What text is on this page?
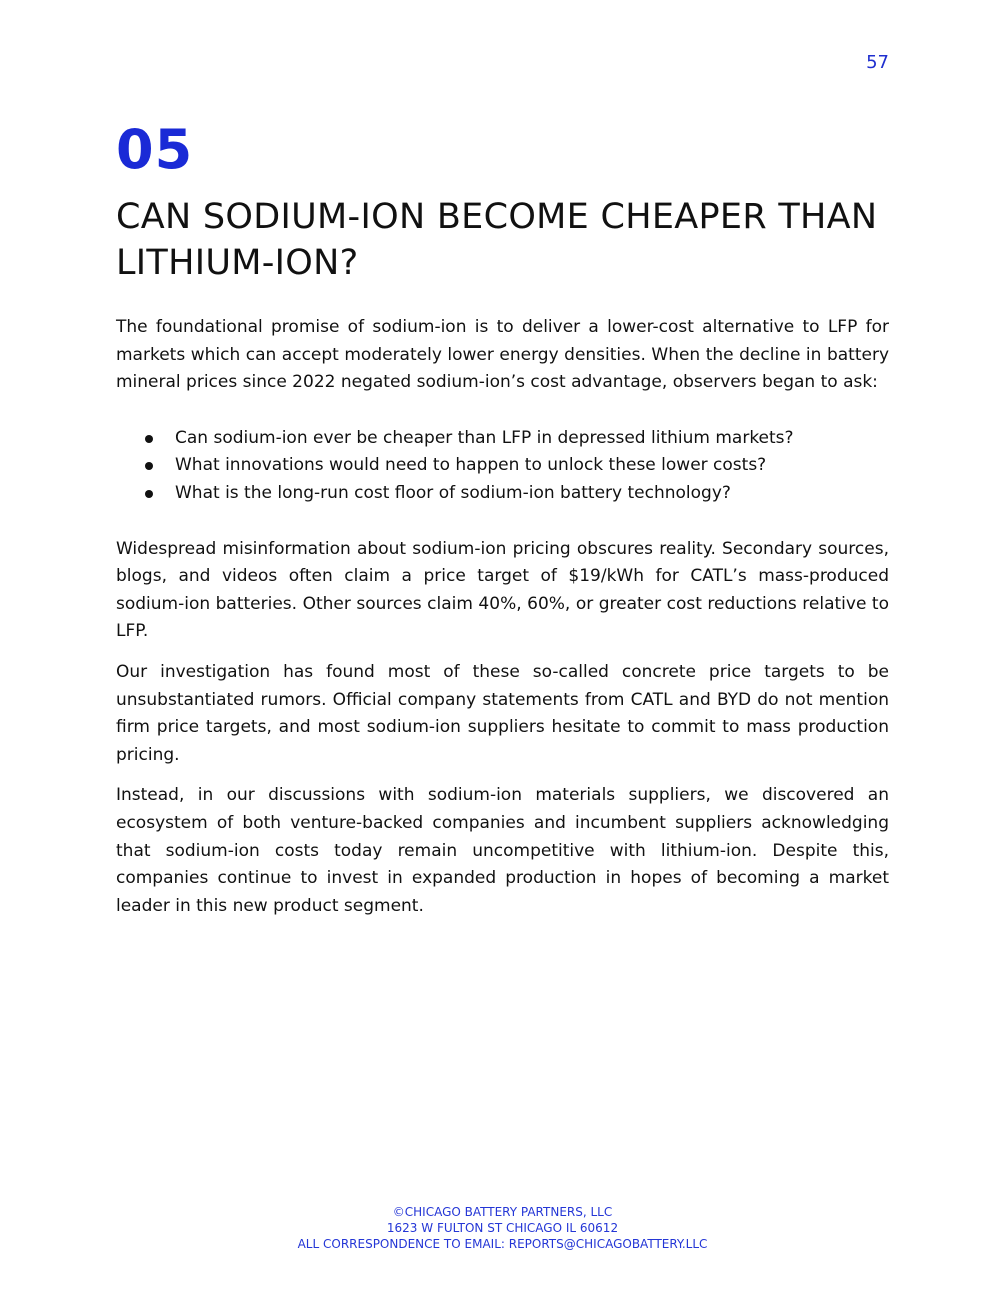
57
05
CAN SODIUM-ION BECOME CHEAPER THAN LITHIUM-ION?

The foundational promise of sodium-ion is to deliver a lower-cost alternative to LFP for markets which can accept moderately lower energy densities. When the decline in battery mineral prices since 2022 negated sodium-ion’s cost advantage, observers began to ask:

Can sodium-ion ever be cheaper than LFP in depressed lithium markets?
What innovations would need to happen to unlock these lower costs?
What is the long-run cost floor of sodium-ion battery technology?

Widespread misinformation about sodium-ion pricing obscures reality. Secondary sources, blogs, and videos often claim a price target of $19/kWh for CATL’s mass-produced sodium-ion batteries. Other sources claim 40%, 60%, or greater cost reductions relative to LFP.

Our investigation has found most of these so-called concrete price targets to be unsubstantiated rumors. Official company statements from CATL and BYD do not mention firm price targets, and most sodium-ion suppliers hesitate to commit to mass production pricing.

Instead, in our discussions with sodium-ion materials suppliers, we discovered an ecosystem of both venture-backed companies and incumbent suppliers acknowledging that sodium-ion costs today remain uncompetitive with lithium-ion. Despite this, companies continue to invest in expanded production in hopes of becoming a market leader in this new product segment.

©CHICAGO BATTERY PARTNERS, LLC
1623 W FULTON ST CHICAGO IL 60612
ALL CORRESPONDENCE TO EMAIL: REPORTS@CHICAGOBATTERY.LLC
